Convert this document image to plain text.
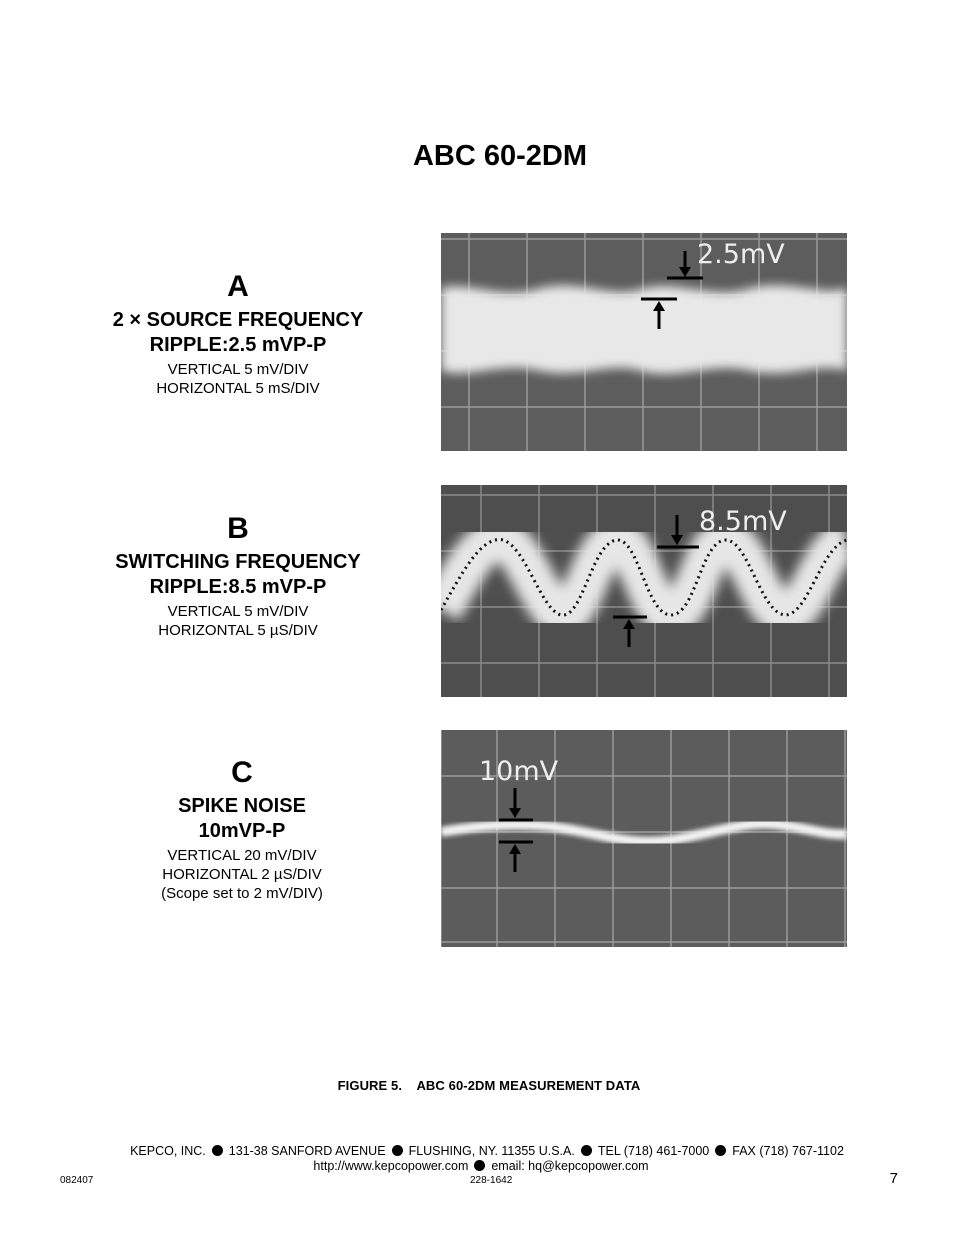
ABC 60-2DM
A
2 × SOURCE FREQUENCY
RIPPLE:2.5 mVP-P
VERTICAL 5 mV/DIV
HORIZONTAL 5 mS/DIV
B
SWITCHING FREQUENCY
RIPPLE:8.5 mVP-P
VERTICAL 5 mV/DIV
HORIZONTAL 5 µS/DIV
C
SPIKE NOISE
10mVP-P
VERTICAL 20 mV/DIV
HORIZONTAL 2 µS/DIV
(Scope set to 2 mV/DIV)
2.5mV
8.5mV
10mV
FIGURE 5.    ABC 60-2DM MEASUREMENT DATA
KEPCO, INC. 131-38 SANFORD AVENUE FLUSHING, NY. 11355 U.S.A. TEL (718) 461-7000 FAX (718) 767-1102
http://www.kepcopower.com email: hq@kepcopower.com
082407	228-1642	7
